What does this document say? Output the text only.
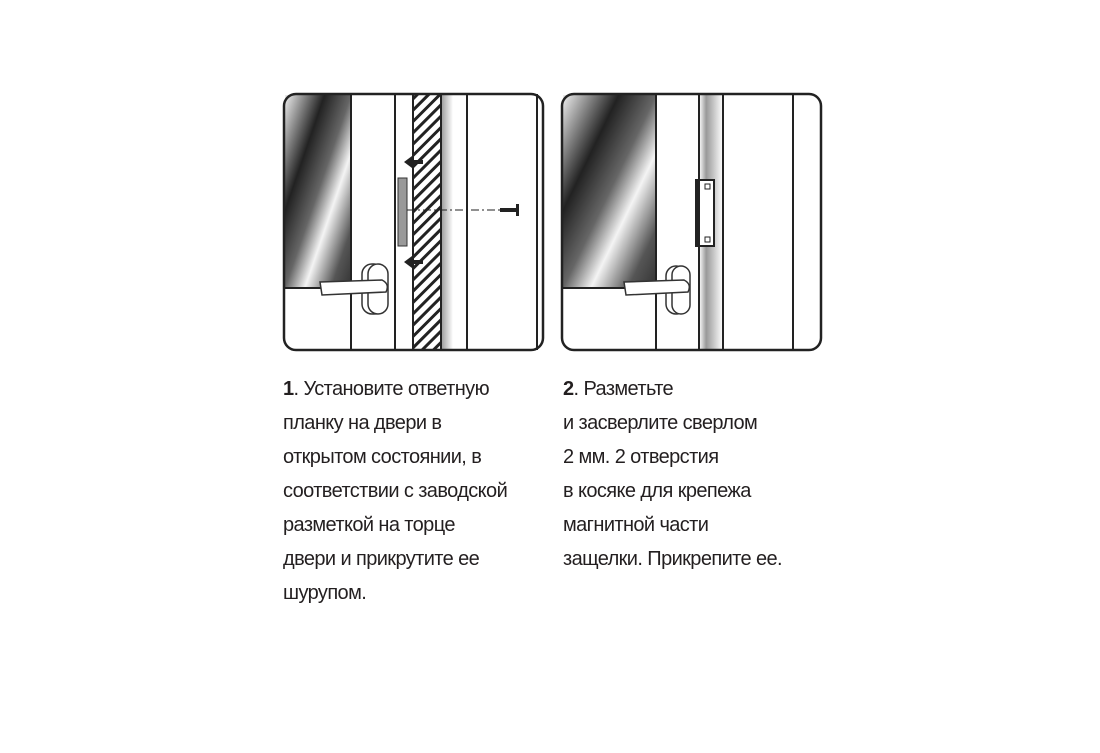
1. Установите ответную
планку на двери в
открытом состоянии, в
соответствии с заводской
разметкой на торце
двери и прикрутите ее
шурупом.
2. Разметьте
и засверлите сверлом
2 мм. 2 отверстия
в косяке для крепежа
магнитной части
защелки. Прикрепите ее.
